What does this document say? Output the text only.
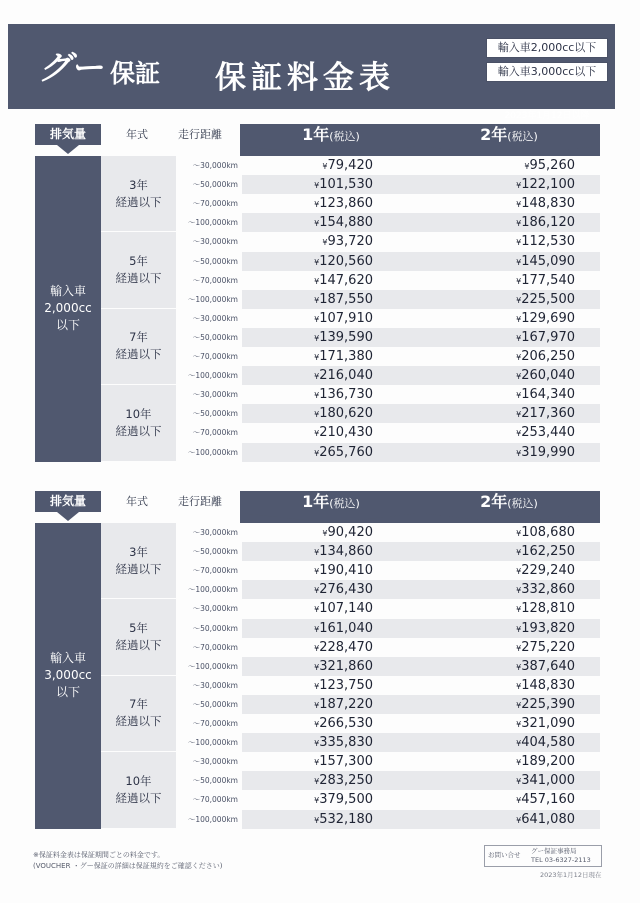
グー 保証 保証料金表
輸入車2,000cc以下
輸入車3,000cc以下
2023年1月12日以降
排気量	年式	走行距離	1年(税込)	2年(税込)
輸入車
2,000cc
以下
3年
経過以下
～30,000km	¥79,420	¥95,260
～50,000km	¥101,530	¥122,100
～70,000km	¥123,860	¥148,830
～100,000km	¥154,880	¥186,120
5年
経過以下
～30,000km	¥93,720	¥112,530
～50,000km	¥120,560	¥145,090
～70,000km	¥147,620	¥177,540
～100,000km	¥187,550	¥225,500
7年
経過以下
～30,000km	¥107,910	¥129,690
～50,000km	¥139,590	¥167,970
～70,000km	¥171,380	¥206,250
～100,000km	¥216,040	¥260,040
10年
経過以下
～30,000km	¥136,730	¥164,340
～50,000km	¥180,620	¥217,360
～70,000km	¥210,430	¥253,440
～100,000km	¥265,760	¥319,990
排気量	年式	走行距離	1年(税込)	2年(税込)
輸入車
3,000cc
以下
3年
経過以下
～30,000km	¥90,420	¥108,680
～50,000km	¥134,860	¥162,250
～70,000km	¥190,410	¥229,240
～100,000km	¥276,430	¥332,860
5年
経過以下
～30,000km	¥107,140	¥128,810
～50,000km	¥161,040	¥193,820
～70,000km	¥228,470	¥275,220
～100,000km	¥321,860	¥387,640
7年
経過以下
～30,000km	¥123,750	¥148,830
～50,000km	¥187,220	¥225,390
～70,000km	¥266,530	¥321,090
～100,000km	¥335,830	¥404,580
10年
経過以下
～30,000km	¥157,300	¥189,200
～50,000km	¥283,250	¥341,000
～70,000km	¥379,500	¥457,160
～100,000km	¥532,180	¥641,080
※保証料金表は保証期間ごとの料金です。
(VOUCHER ・グー保証の詳細は保証規約をご確認ください)
お問い合せ グー保証事務局
TEL 03-6327-2113
2023年1月12日現在
